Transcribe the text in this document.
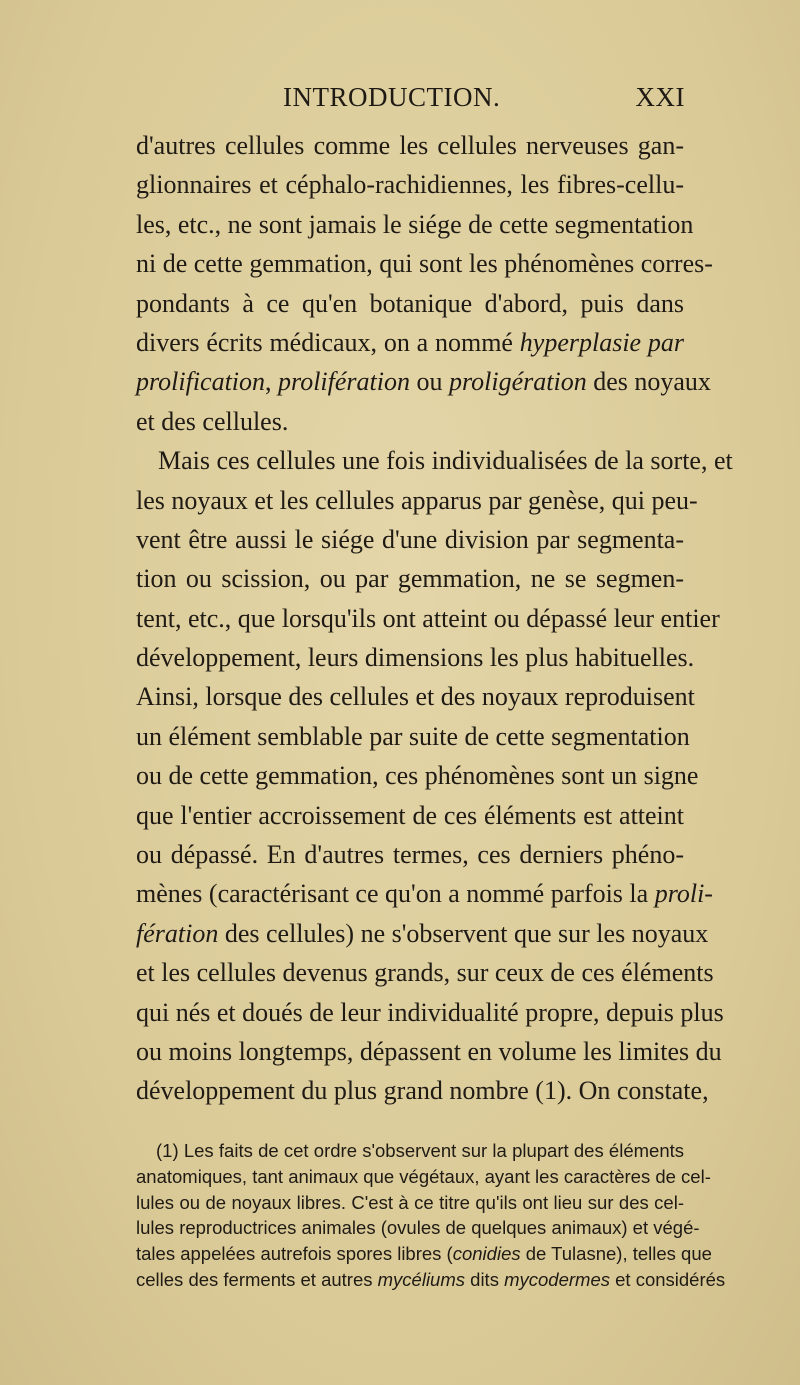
INTRODUCTION.	XXI
d'autres cellules comme les cellules nerveuses gan-
glionnaires et céphalo-rachidiennes, les fibres-cellu-
les, etc., ne sont jamais le siége de cette segmentation
ni de cette gemmation, qui sont les phénomènes corres-
pondants à ce qu'en botanique d'abord, puis dans
divers écrits médicaux, on a nommé hyperplasie par
prolification, prolifération ou proligération des noyaux
et des cellules.
Mais ces cellules une fois individualisées de la sorte, et
les noyaux et les cellules apparus par genèse, qui peu-
vent être aussi le siége d'une division par segmenta-
tion ou scission, ou par gemmation, ne se segmen-
tent, etc., que lorsqu'ils ont atteint ou dépassé leur entier
développement, leurs dimensions les plus habituelles.
Ainsi, lorsque des cellules et des noyaux reproduisent
un élément semblable par suite de cette segmentation
ou de cette gemmation, ces phénomènes sont un signe
que l'entier accroissement de ces éléments est atteint
ou dépassé. En d'autres termes, ces derniers phéno-
mènes (caractérisant ce qu'on a nommé parfois la proli-
fération des cellules) ne s'observent que sur les noyaux
et les cellules devenus grands, sur ceux de ces éléments
qui nés et doués de leur individualité propre, depuis plus
ou moins longtemps, dépassent en volume les limites du
développement du plus grand nombre (1). On constate,
(1) Les faits de cet ordre s'observent sur la plupart des éléments
anatomiques, tant animaux que végétaux, ayant les caractères de cel-
lules ou de noyaux libres. C'est à ce titre qu'ils ont lieu sur des cel-
lules reproductrices animales (ovules de quelques animaux) et végé-
tales appelées autrefois spores libres (conidies de Tulasne), telles que
celles des ferments et autres mycéliums dits mycodermes et considérés
